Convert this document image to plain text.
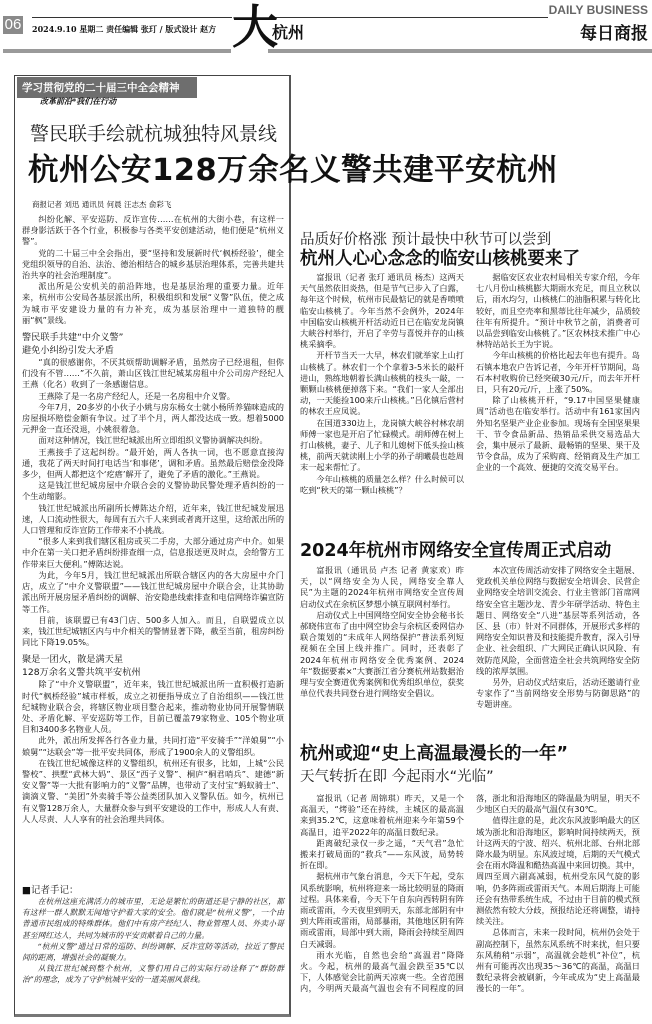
06 2024.9.10 星期二 责任编辑 张玎 / 版式设计 赵方 大
杭州
DAILY BUSINESS
每日商报
学习贯彻党的二十届三中全会精神
改革前沿*我们在行动
警民联手绘就杭城独特风景线
杭州公安128万余名义警共建平安杭州
商报记者 刘迅 通讯员 何晨 汪志杰 俞彩飞

纠纷化解、平安巡防、反诈宣传……在杭州的大街小巷，有这样一群身影活跃于各个行业，积极参与各类平安创建活动，他们便是“杭州义警”。

党的二十届三中全会指出，要“坚持和发展新时代‘枫桥经验’，健全党组织领导的自治、法治、德治相结合的城乡基层治理体系，完善共建共治共享的社会治理制度”。

派出所是公安机关的前沿阵地，也是基层治理的重要力量。近年来，杭州市公安局各基层派出所，积极组织和发展“义警”队伍，使之成为城市平安建设力量的有力补充，成为基层治理中一道独特的靓丽“枫”景线。

警民联手共建“中介义警”
避免小纠纷引发大矛盾

“真的很感谢你，不厌其烦帮助调解矛盾，虽然房子已经退租，但你们没有不管……”不久前，萧山区钱江世纪城某房租中介公司房产经纪人王燕（化名）收到了一条感谢信息。

王燕除了是一名房产经纪人，还是一名房租中介义警。

今年7月，20多岁的小伙子小姚与房东杨女士就小杨所养猫咪造成的房屋损坏赔偿金额有争议。过了半个月，两人都没达成一致。想着5000元押金一直还没退，小姚很着急。

面对这种情况，钱江世纪城派出所立即组织义警协调解决纠纷。

王燕接手了这起纠纷。“最开始，两人各执一词，也不愿意直接沟通，我花了两天时间打电话当‘和事佬’，调和矛盾。虽然最后赔偿金没降多少，但两人都把这个‘疙瘩’解开了，避免了矛盾的激化。”王燕说。

这是钱江世纪城房屋中介联合会的义警协助民警处理矛盾纠纷的一个生动缩影。

钱江世纪城派出所副所长傅陈达介绍，近年来，钱江世纪城发展迅速，人口流动性很大，每周有五六千人来到或者离开这里，这给派出所的人口管理和反诈宣防工作带来不小挑战。

“很多人来到我们辖区租房或买二手房，大部分通过房产中介。如果中介在第一关口把矛盾纠纷排查细一点，信息报送更及时点，会给警方工作带来巨大便利。”傅陈达说。

为此，今年5月，钱江世纪城派出所联合辖区内的各大房屋中介门店，成立了“中介义警联盟”——钱江世纪城房屋中介联合会，让其协助派出所开展房屋矛盾纠纷的调解、治安隐患线索排查和电信网络诈骗宣防等工作。

目前，该联盟已有43门店、500多人加入。而且，自联盟成立以来，钱江世纪城辖区内与中介相关的警情显著下降，截至当前，租房纠纷同比下降19.05%。

聚是一团火，散是满天星
128万余名义警共筑平安杭州

除了“中介义警联盟”，近年来，钱江世纪城派出所一直积极打造新时代“枫桥经验”城市样板，成立之初便指导成立了自治组织——钱江世纪城物业联合会，将辖区物业项目整合起来，推动物业协同开展警情联处、矛盾化解、平安巡防等工作，目前已覆盖79家物业、105个物业项目和3400多名物业人员。

此外，派出所发挥各行各业力量，共同打造“平安骑手”“洋娘舅”“小娘舅”“达联会”等一批平安共同体，形成了1900余人的义警组织。

在钱江世纪城像这样的义警组织，杭州还有很多，比如，上城“公民警校”、拱墅“武林大妈”、景区“西子义警”、桐庐“桐君哨兵”、建德“新安义警”等一大批有影响力的“义警”品牌，也带动了支付宝“蚂蚁骑士”、滴滴义警、“美团”外卖骑手等公益类团队加入义警队伍。如今，杭州已有义警128万余人，大量群众参与到平安建设的工作中，形成人人有责、人人尽责、人人享有的社会治理共同体。

■记者手记：

在杭州这座充满活力的城市里，无论是繁忙的街道还是宁静的社区，都有这样一群人默默无闻地守护着大家的安全。他们就是“杭州义警”，一个由普通市民组成的特殊群体。他们中有房产经纪人、物业管理人员、外卖小哥甚至网红达人，共同为城市的平安贡献着自己的力量。

“杭州义警”通过日常的巡防、纠纷调解、反诈宣防等活动，拉近了警民间的距离，增强社会的凝聚力。

从钱江世纪城到整个杭州，义警们用自己的实际行动诠释了“群防群治”的理念，成为了守护杭城平安的一道美丽风景线。

品质好价格涨 预计最快中秋节可以尝到
杭州人心心念念的临安山核桃要来了

富报讯（记者 张玎 通讯员 杨杰）这两天天气虽然依旧炎热，但是节气已步入了白露，每年这个时候，杭州市民最惦记的就是香喷喷临安山核桃了。今年当然不会例外，2024年中国临安山核桃开杆活动近日已在临安龙岗镇大峡谷村举行，开启了辛劳与喜悦并存的山核桃采摘季。

开杆节当天一大早，林农们就举家上山打山核桃了。林农们一个个拿着3-5米长的敲杆进山，熟练地朝着长满山核桃的枝头一敲，一颗颗山核桃便掉落下来。“我们一家人全部出动，一天能捡100来斤山核桃。”吕化镇后营村的林农王应凤说。

在国道330边上，龙岗镇大峡谷村林农胡师傅一家也是开启了忙碌模式。胡师傅在树上打山核桃，妻子、儿子和儿媳树下低头捡山核桃，前两天就读刚上小学的孙子胡曦晨也趁周末一起来帮忙了。

今年山核桃的质量怎么样？什么时候可以吃到“秋天的第一颗山核桃”？

据临安区农业农村局相关专家介绍，今年七八月份山核桃膨大期雨水充足，而且立秋以后，雨水均匀，山核桃仁的油脂积累与转化比较好，而且空壳率和黑蒂比往年减少，品质较往年有所提升。“预计中秋节之前，消费者可以品尝到临安山核桃了。”区农林技术推广中心林特站站长王为宇说。

今年山核桃的价格比起去年也有提升。岛石镇本地农户告诉记者，今年开杆节期间，岛石本村收购价已经突破30元/斤，而去年开杆日，只有20元/斤，上涨了50%。

除了山核桃开杆，“9.17中国坚果健康周”活动也在临安举行。活动中有161家国内外知名坚果产业企业参加。现场有全国坚果果干、节令食品新品、热销品采供交易选品大会，集中展示了最新、最畅销的坚果、果干及节令食品，成为了采购商、经销商及生产加工企业的一个高效、便捷的交流交易平台。

2024年杭州市网络安全宣传周正式启动

富报讯（通讯员 卢杰 记者 黄家欢）昨天，以“网络安全为人民，网络安全靠人民”为主题的2024年杭州市网络安全宣传周启动仪式在余杭区梦想小镇互联网村举行。

启动仪式上中国网络空间安全协会秘书长郝晓伟宣布了由中网空协会与余杭区委网信办联合策划的“未成年人网络保护”普法系列短视频在全国上线并推广。同时，还表彰了2024年杭州市网络安全优秀案例、2024年“数据要素×”大赛浙江省分赛杭州站数据治理与安全赛道优秀案例和优秀组织单位，获奖单位代表共同登台进行网络安全倡议。

本次宣传周活动安排了网络安全主题展、党政机关单位网络与数据安全培训会、民营企业网络安全培训交流会、行业主管部门首席网络安全官主题沙龙、青少年研学活动、特色主题日、网络安全“八进”基层等系列活动，各区、县（市）针对不同群体，开展形式多样的网络安全知识普及和技能提升教育，深入引导企业、社会组织、广大网民正确认识风险、有效防范风险，全面营造全社会共筑网络安全防线的浓厚氛围。

另外，启动仪式结束后，活动还邀请行业专家作了“当前网络安全形势与防御思路”的专题讲座。

杭州或迎“史上高温最漫长的一年”
天气转折在即 今起雨水“光临”

富报讯（记者 周锦琪）昨天，又是一个高温天，“烤验”还在持续，主城区的最高温来到35.2℃，这意味着杭州迎来今年第59个高温日，追平2022年的高温日数纪录。

距离破纪录仅一步之遥，“天气君”急忙搬来打破局面的“救兵”——东风波，局势转折在即。

据杭州市气象台消息，今天下午起，受东风系统影响，杭州将迎来一场比较明显的降雨过程。具体来看，今天下午自东向西转阴有阵雨或雷雨，今天夜里到明天，东部北部阴有中到大阵雨或雷雨，局部暴雨，其他地区阴有阵雨或雷雨，局部中到大雨，降雨会持续至周四白天减弱。

雨水光临，自然也会给“高温君”降降火。今起，杭州的最高气温会跌至35℃以下，人体感觉会比前两天凉爽一些。全省范围内，今明两天最高气温也会有不同程度的回落，浙北和沿海地区的降温最为明显，明天不少地区白天的最高气温仅有30℃。

值得注意的是，此次东风波影响最大的区域为浙北和沿海地区，影响时间持续两天，预计这两天的宁波、绍兴、杭州北部、台州北部降水最为明显。东风波过境，后期的天气模式会在雨水降温和酷热高温中来回切换。其中，周四至周六副高减弱，杭州受东风气旋的影响，仍多阵雨或雷雨天气。本周后期海上可能还会有热带系统生成，不过由于目前的模式预测依然有较大分歧，预报结论还将调整，请持续关注。

总体而言，未来一段时间，杭州仍会处于副高控制下，虽然东风系统不时来扰，但只要东风稍稍“示弱”，高温就会趁机“补位”，杭州有可能再次出现35～36℃的高温，高温日数纪录将会被刷新，今年或成为“史上高温最漫长的一年”。
